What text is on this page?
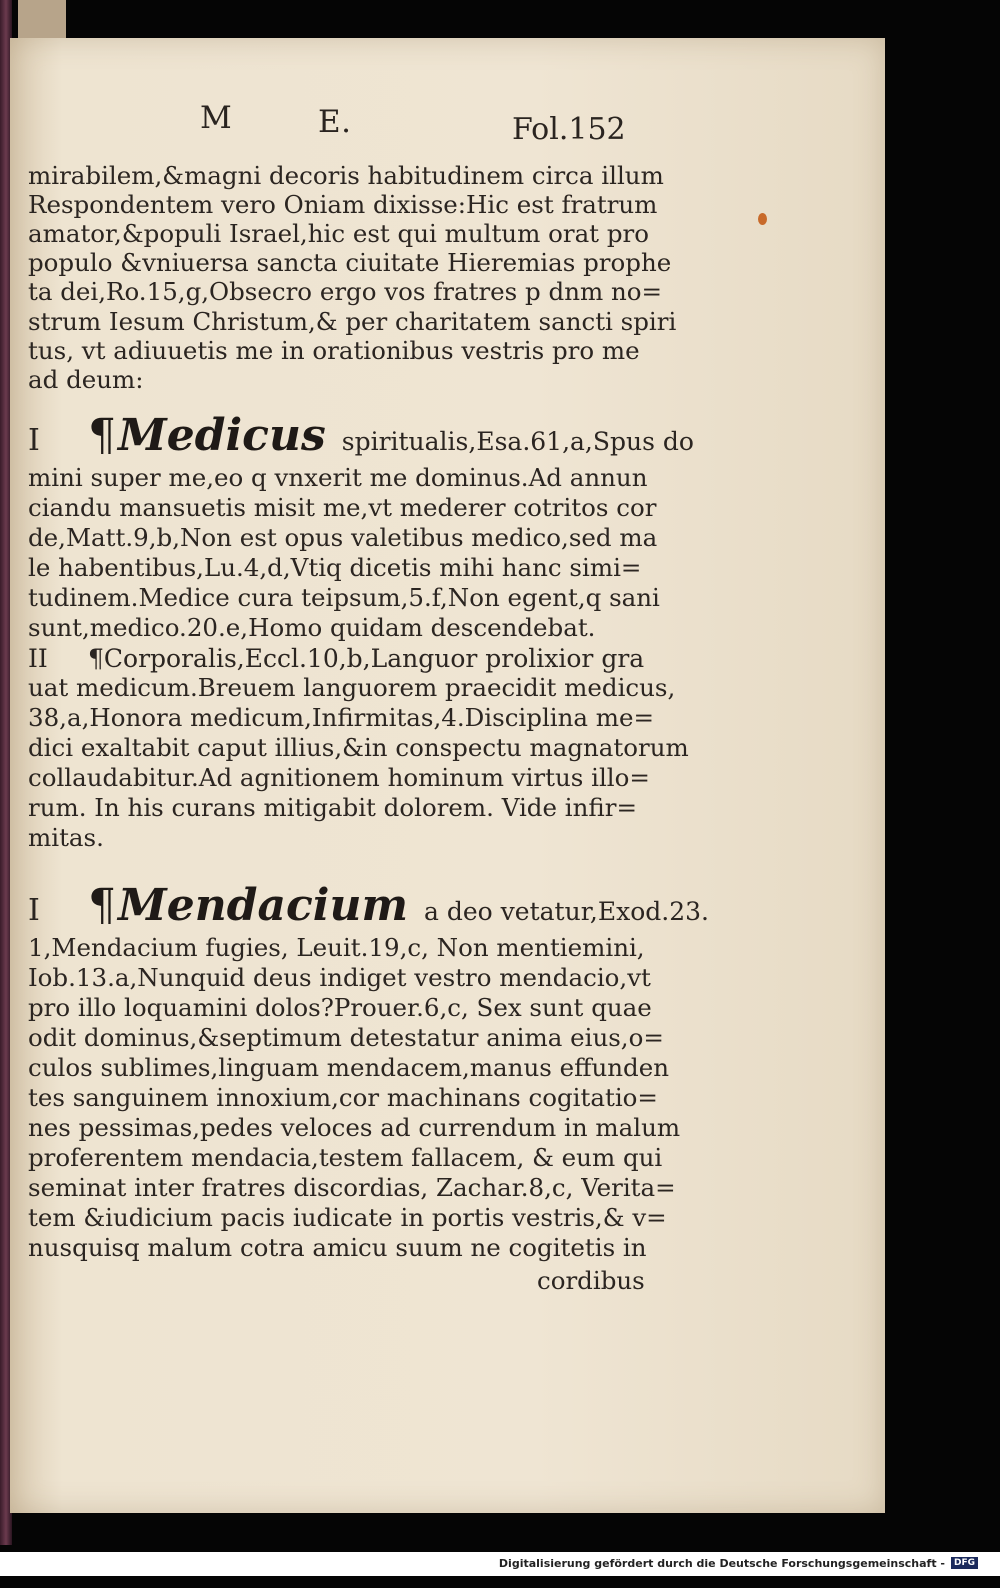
M	E.	Fol.152
mirabilem,&magni decoris habitudinem circa illum
Respondentem vero Oniam dixisse:Hic est fratrum
amator,&populi Israel,hic est qui multum orat pro
populo &vniuersa sancta ciuitate Hieremias prophe
ta dei,Ro.15,g,Obsecro ergo vos fratres p dnm no=
strum Iesum Christum,& per charitatem sancti spiri
tus, vt adiuuetis me in orationibus vestris pro me
ad deum:
I	¶ Medicus spiritualis,Esa.61,a,Spus do
mini super me,eo q vnxerit me dominus.Ad annun
ciandu mansuetis misit me,vt mederer cotritos cor
de,Matt.9,b,Non est opus valetibus medico,sed ma
le habentibus,Lu.4,d,Vtiq dicetis mihi hanc simi=
tudinem.Medice cura teipsum,5.f,Non egent,q sani
sunt,medico.20.e,Homo quidam descendebat.
II	¶Corporalis,Eccl.10,b,Languor prolixior gra
uat medicum.Breuem languorem praecidit medicus,
38,a,Honora medicum,Infirmitas,4.Disciplina me=
dici exaltabit caput illius,&in conspectu magnatorum
collaudabitur.Ad agnitionem hominum virtus illo=
rum. In his curans mitigabit dolorem. Vide infir=
mitas.
I	¶ Mendacium a deo vetatur,Exod.23.
1,Mendacium fugies, Leuit.19,c, Non mentiemini,
Iob.13.a,Nunquid deus indiget vestro mendacio,vt
pro illo loquamini dolos?Prouer.6,c, Sex sunt quae
odit dominus,&septimum detestatur anima eius,o=
culos sublimes,linguam mendacem,manus effunden
tes sanguinem innoxium,cor machinans cogitatio=
nes pessimas,pedes veloces ad currendum in malum
proferentem mendacia,testem fallacem, & eum qui
seminat inter fratres discordias, Zachar.8,c, Verita=
tem &iudicium pacis iudicate in portis vestris,& v=
nusquisq malum cotra amicu suum ne cogitetis in
cordibus
Digitalisierung gefördert durch die Deutsche Forschungsgemeinschaft - DFG
